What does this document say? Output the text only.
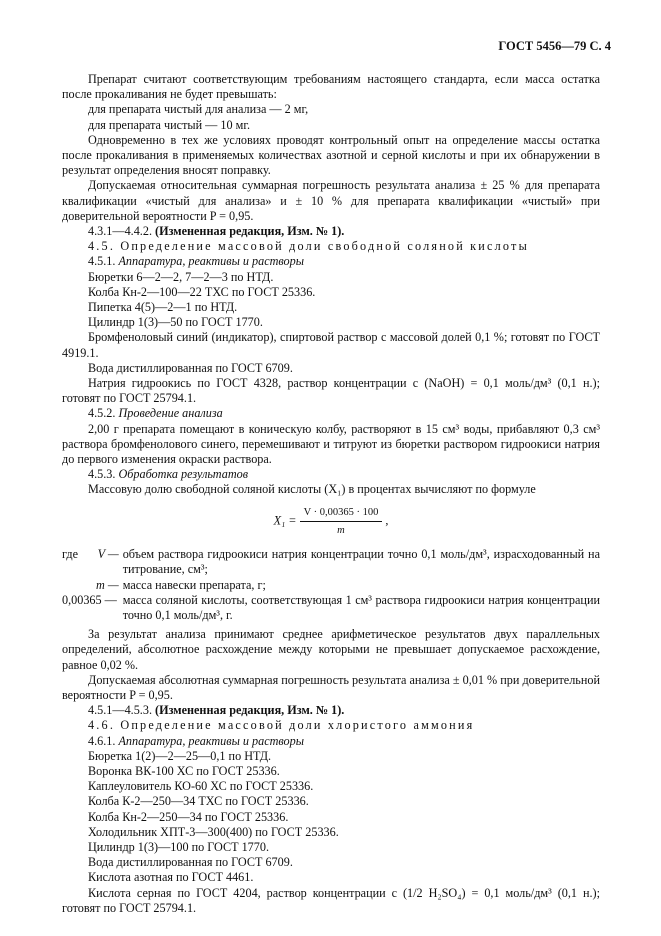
ГОСТ 5456—79 С. 4

Препарат считают соответствующим требованиям настоящего стандарта, если масса остатка после прокаливания не будет превышать:

для препарата чистый для анализа — 2 мг,

для препарата чистый — 10 мг.

Одновременно в тех же условиях проводят контрольный опыт на определение массы остатка после прокаливания в применяемых количествах азотной и серной кислоты и при их обнаружении в результат определения вносят поправку.

Допускаемая относительная суммарная погрешность результата анализа ± 25 % для препарата квалификации «чистый для анализа» и ± 10 % для препарата квалификации «чистый» при доверительной вероятности P = 0,95.

4.3.1—4.4.2. (Измененная редакция, Изм. № 1).

4.5. Определение массовой доли свободной соляной кислоты

4.5.1. Аппаратура, реактивы и растворы

Бюретки 6—2—2, 7—2—3 по НТД.

Колба Кн-2—100—22 ТХС по ГОСТ 25336.

Пипетка 4(5)—2—1 по НТД.

Цилиндр 1(3)—50 по ГОСТ 1770.

Бромфеноловый синий (индикатор), спиртовой раствор с массовой долей 0,1 %; готовят по ГОСТ 4919.1.

Вода дистиллированная по ГОСТ 6709.

Натрия гидроокись по ГОСТ 4328, раствор концентрации c (NaOH) = 0,1 моль/дм³ (0,1 н.); готовят по ГОСТ 25794.1.

4.5.2. Проведение анализа

2,00 г препарата помещают в коническую колбу, растворяют в 15 см³ воды, прибавляют 0,3 см³ раствора бромфенолового синего, перемешивают и титруют из бюретки раствором гидроокиси натрия до первого изменения окраски раствора.

4.5.3. Обработка результатов

Массовую долю свободной соляной кислоты (X₁) в процентах вычисляют по формуле

$X_1 = \frac{V \cdot 0,00365 \cdot 100}{m}$ ,
где	V —	объем раствора гидроокиси натрия концентрации точно 0,1 моль/дм³, израсходованный на титрование, см³;
	m —	масса навески препарата, г;
0,00365 —		масса соляной кислоты, соответствующая 1 см³ раствора гидроокиси натрия концентрации точно 0,1 моль/дм³, г.

За результат анализа принимают среднее арифметическое результатов двух параллельных определений, абсолютное расхождение между которыми не превышает допускаемое расхождение, равное 0,02 %.

Допускаемая абсолютная суммарная погрешность результата анализа ± 0,01 % при доверительной вероятности P = 0,95.

4.5.1—4.5.3. (Измененная редакция, Изм. № 1).

4.6. Определение массовой доли хлористого аммония

4.6.1. Аппаратура, реактивы и растворы

Бюретка 1(2)—2—25—0,1 по НТД.

Воронка ВК-100 ХС по ГОСТ 25336.

Каплеуловитель КО-60 ХС по ГОСТ 25336.

Колба К-2—250—34 ТХС по ГОСТ 25336.

Колба Кн-2—250—34 по ГОСТ 25336.

Холодильник ХПТ-3—300(400) по ГОСТ 25336.

Цилиндр 1(3)—100 по ГОСТ 1770.

Вода дистиллированная по ГОСТ 6709.

Кислота азотная по ГОСТ 4461.

Кислота серная по ГОСТ 4204, раствор концентрации c (1/2 H₂SO₄) = 0,1 моль/дм³ (0,1 н.); готовят по ГОСТ 25794.1.
